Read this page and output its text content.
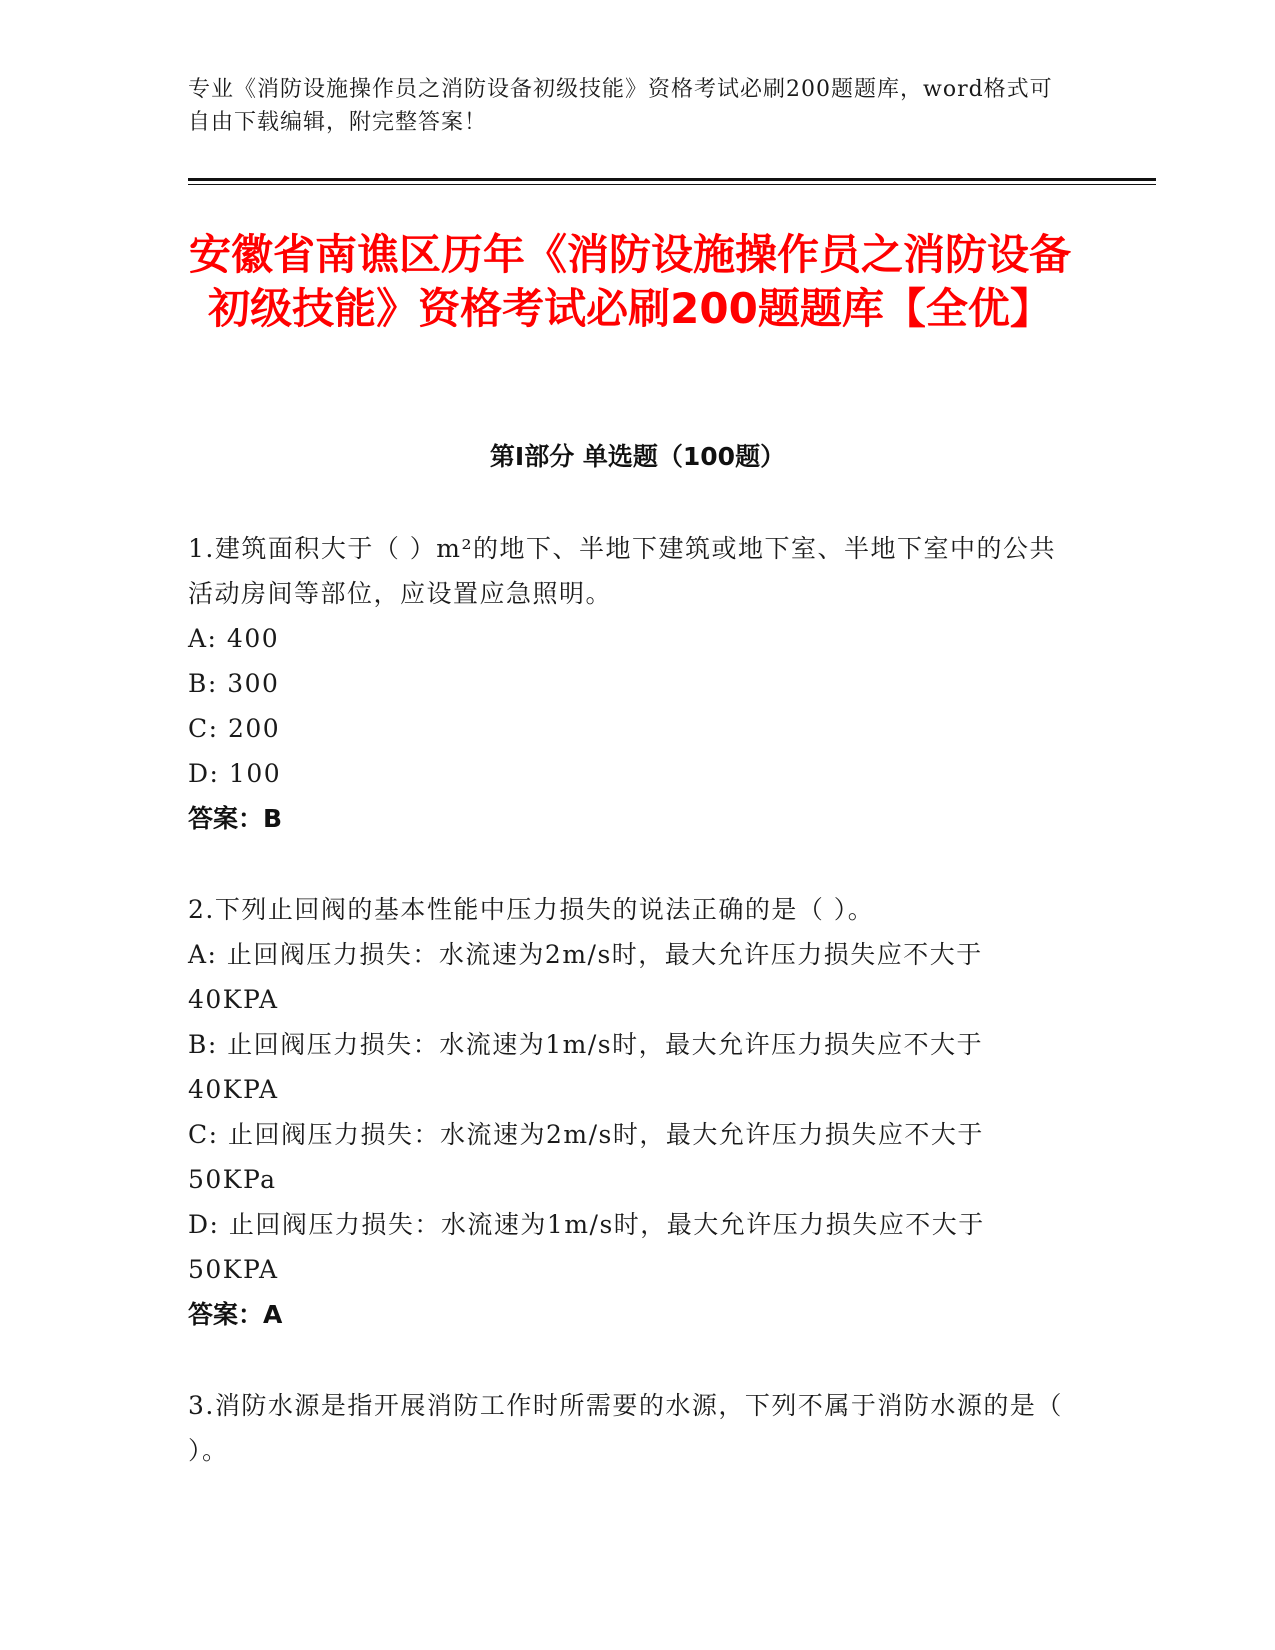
专业《消防设施操作员之消防设备初级技能》资格考试必刷200题题库，word格式可自由下载编辑，附完整答案！
安徽省南谯区历年《消防设施操作员之消防设备初级技能》资格考试必刷200题题库【全优】
第I部分 单选题（100题）

1.建筑面积大于（ ）m²的地下、半地下建筑或地下室、半地下室中的公共活动房间等部位，应设置应急照明。

A: 400

B: 300

C: 200

D: 100

答案：B

2.下列止回阀的基本性能中压力损失的说法正确的是（ ）。

A: 止回阀压力损失：水流速为2m/s时，最大允许压力损失应不大于40KPA

B: 止回阀压力损失：水流速为1m/s时，最大允许压力损失应不大于40KPA

C: 止回阀压力损失：水流速为2m/s时，最大允许压力损失应不大于50KPa

D: 止回阀压力损失：水流速为1m/s时，最大允许压力损失应不大于50KPA

答案：A

3.消防水源是指开展消防工作时所需要的水源，下列不属于消防水源的是（ ）。
